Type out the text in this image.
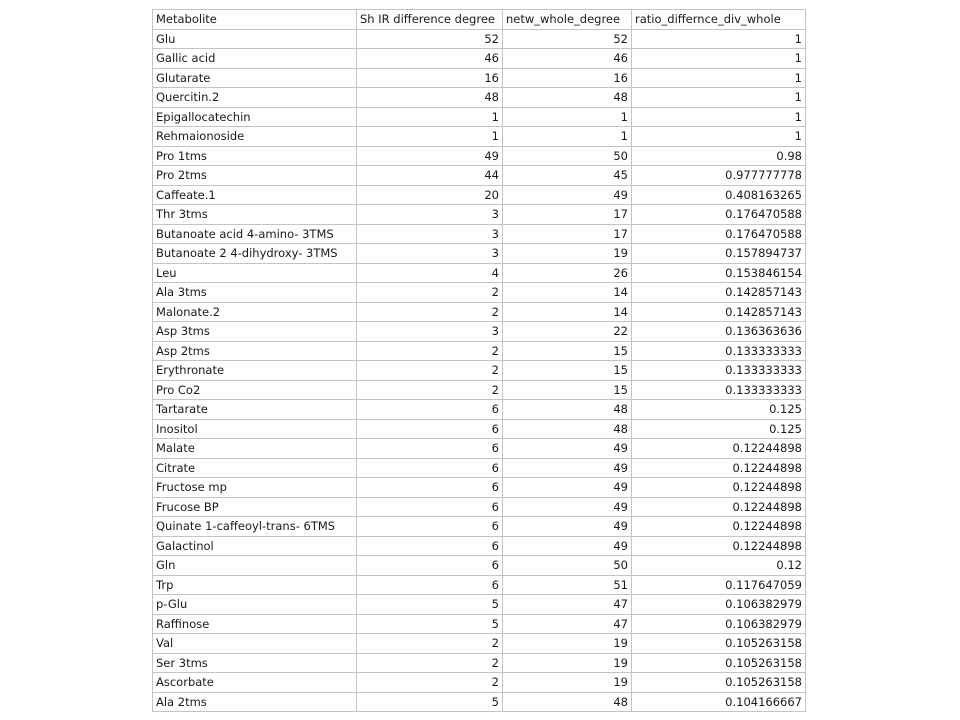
Metabolite	Sh IR difference degree	netw_whole_degree	ratio_differnce_div_whole
Glu	52	52	1
Gallic acid	46	46	1
Glutarate	16	16	1
Quercitin.2	48	48	1
Epigallocatechin	1	1	1
Rehmaionoside	1	1	1
Pro 1tms	49	50	0.98
Pro 2tms	44	45	0.977777778
Caffeate.1	20	49	0.408163265
Thr 3tms	3	17	0.176470588
Butanoate acid 4-amino- 3TMS	3	17	0.176470588
Butanoate 2 4-dihydroxy- 3TMS	3	19	0.157894737
Leu	4	26	0.153846154
Ala 3tms	2	14	0.142857143
Malonate.2	2	14	0.142857143
Asp 3tms	3	22	0.136363636
Asp 2tms	2	15	0.133333333
Erythronate	2	15	0.133333333
Pro Co2	2	15	0.133333333
Tartarate	6	48	0.125
Inositol	6	48	0.125
Malate	6	49	0.12244898
Citrate	6	49	0.12244898
Fructose mp	6	49	0.12244898
Frucose BP	6	49	0.12244898
Quinate 1-caffeoyl-trans- 6TMS	6	49	0.12244898
Galactinol	6	49	0.12244898
Gln	6	50	0.12
Trp	6	51	0.117647059
p-Glu	5	47	0.106382979
Raffinose	5	47	0.106382979
Val	2	19	0.105263158
Ser 3tms	2	19	0.105263158
Ascorbate	2	19	0.105263158
Ala 2tms	5	48	0.104166667
